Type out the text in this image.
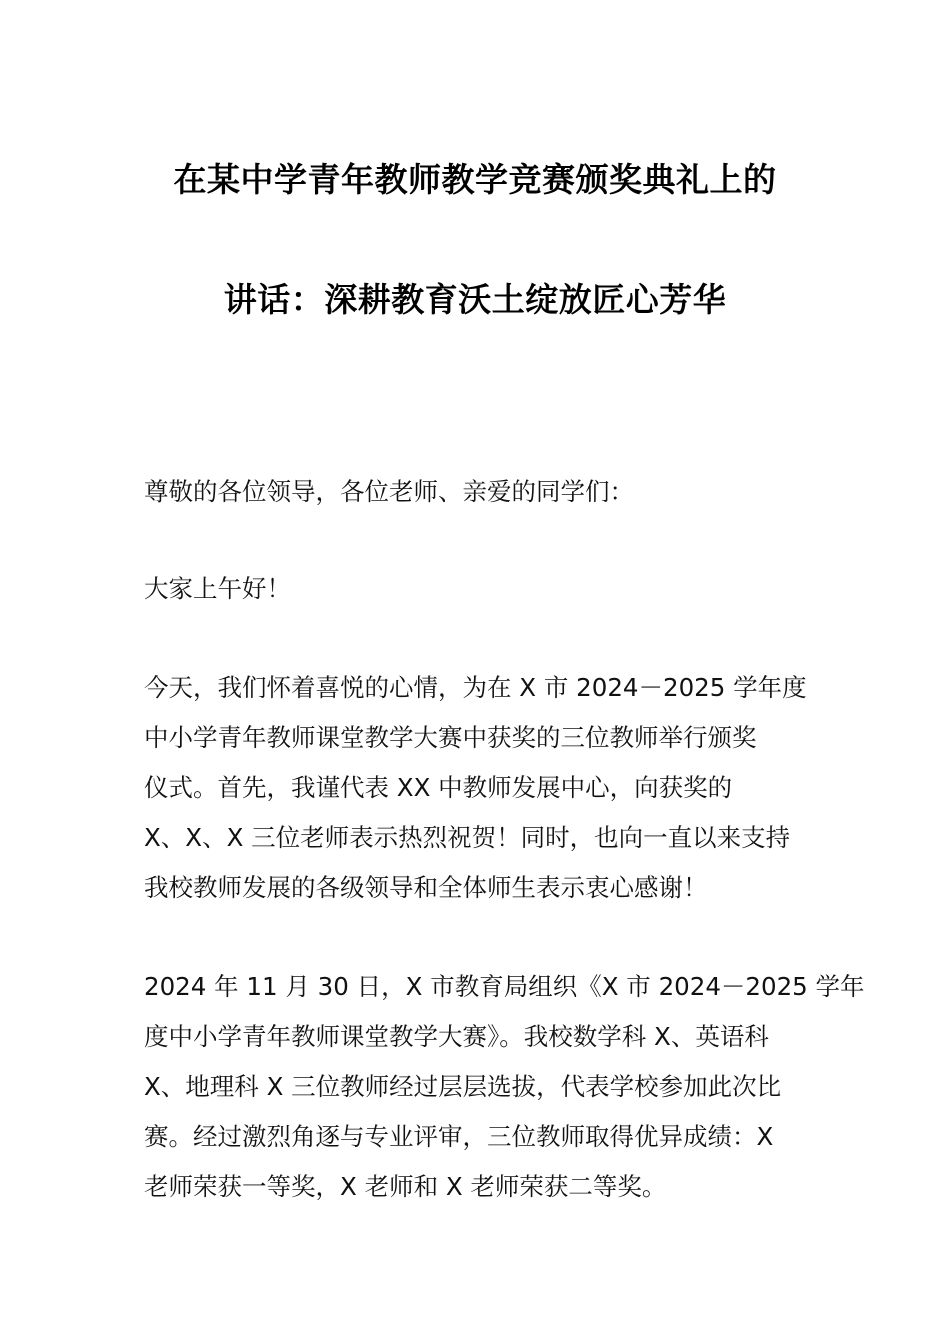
在某中学青年教师教学竞赛颁奖典礼上的
讲话：深耕教育沃土绽放匠心芳华

尊敬的各位领导，各位老师、亲爱的同学们：

大家上午好！

今天，我们怀着喜悦的心情，为在 X 市 2024－2025 学年度

中小学青年教师课堂教学大赛中获奖的三位教师举行颁奖

仪式。首先，我谨代表 XX 中教师发展中心，向获奖的

X、X、X 三位老师表示热烈祝贺！同时，也向一直以来支持

我校教师发展的各级领导和全体师生表示衷心感谢！

2024 年 11 月 30 日，X 市教育局组织《X 市 2024－2025 学年

度中小学青年教师课堂教学大赛》。我校数学科 X、英语科

X、地理科 X 三位教师经过层层选拔，代表学校参加此次比

赛。经过激烈角逐与专业评审，三位教师取得优异成绩：X

老师荣获一等奖，X 老师和 X 老师荣获二等奖。
